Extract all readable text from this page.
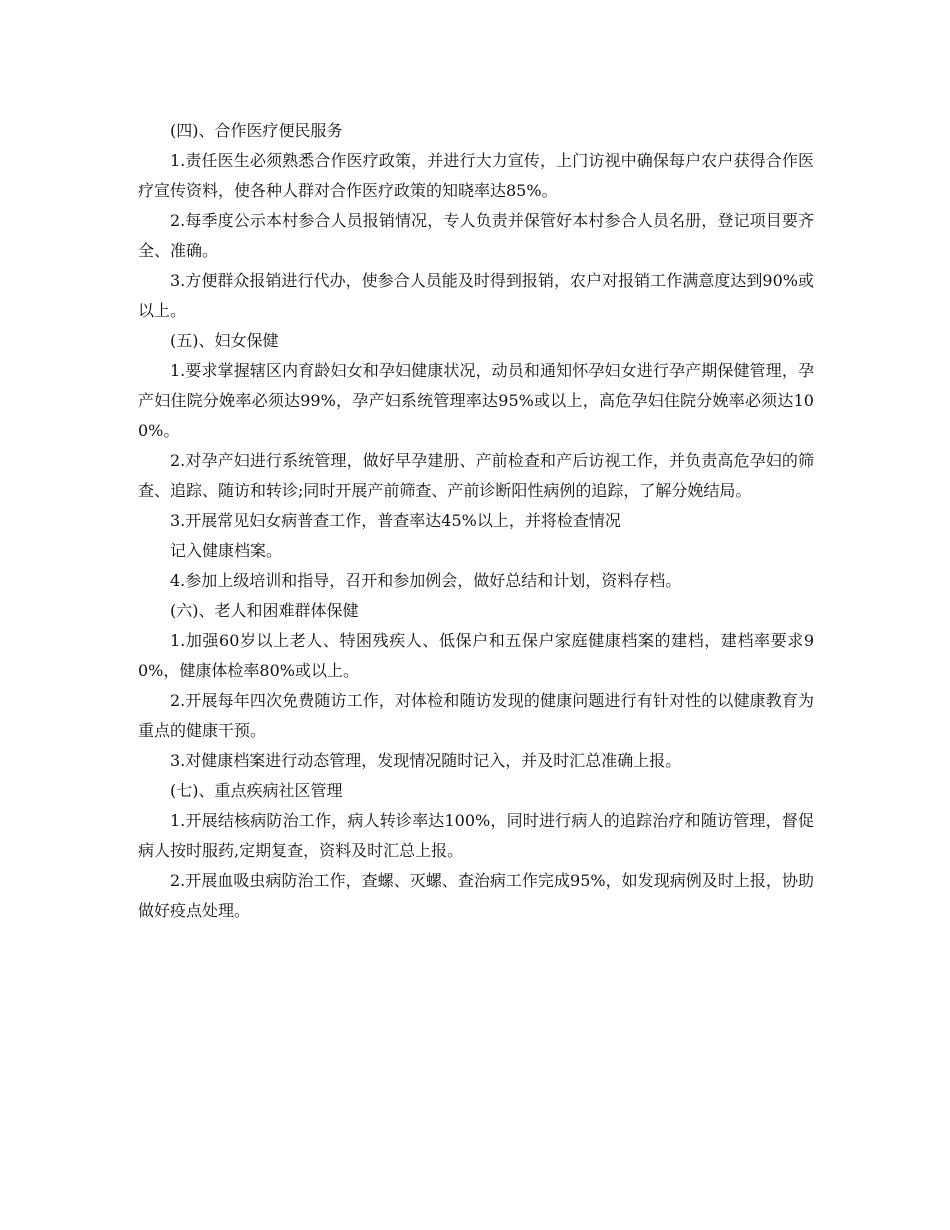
(四)、合作医疗便民服务

1.责任医生必须熟悉合作医疗政策，并进行大力宣传，上门访视中确保每户农户获得合作医疗宣传资料，使各种人群对合作医疗政策的知晓率达85%。

2.每季度公示本村参合人员报销情况，专人负责并保管好本村参合人员名册，登记项目要齐全、准确。

3.方便群众报销进行代办，使参合人员能及时得到报销，农户对报销工作满意度达到90%或以上。

(五)、妇女保健

1.要求掌握辖区内育龄妇女和孕妇健康状况，动员和通知怀孕妇女进行孕产期保健管理，孕产妇住院分娩率必须达99%，孕产妇系统管理率达95%或以上，高危孕妇住院分娩率必须达100%。

2.对孕产妇进行系统管理，做好早孕建册、产前检查和产后访视工作，并负责高危孕妇的筛查、追踪、随访和转诊;同时开展产前筛查、产前诊断阳性病例的追踪，了解分娩结局。

3.开展常见妇女病普查工作，普查率达45%以上，并将检查情况

记入健康档案。

4.参加上级培训和指导，召开和参加例会，做好总结和计划，资料存档。

(六)、老人和困难群体保健

1.加强60岁以上老人、特困残疾人、低保户和五保户家庭健康档案的建档，建档率要求90%，健康体检率80%或以上。

2.开展每年四次免费随访工作，对体检和随访发现的健康问题进行有针对性的以健康教育为重点的健康干预。

3.对健康档案进行动态管理，发现情况随时记入，并及时汇总准确上报。

(七)、重点疾病社区管理

1.开展结核病防治工作，病人转诊率达100%，同时进行病人的追踪治疗和随访管理，督促病人按时服药,定期复查，资料及时汇总上报。

2.开展血吸虫病防治工作，查螺、灭螺、查治病工作完成95%，如发现病例及时上报，协助做好疫点处理。
